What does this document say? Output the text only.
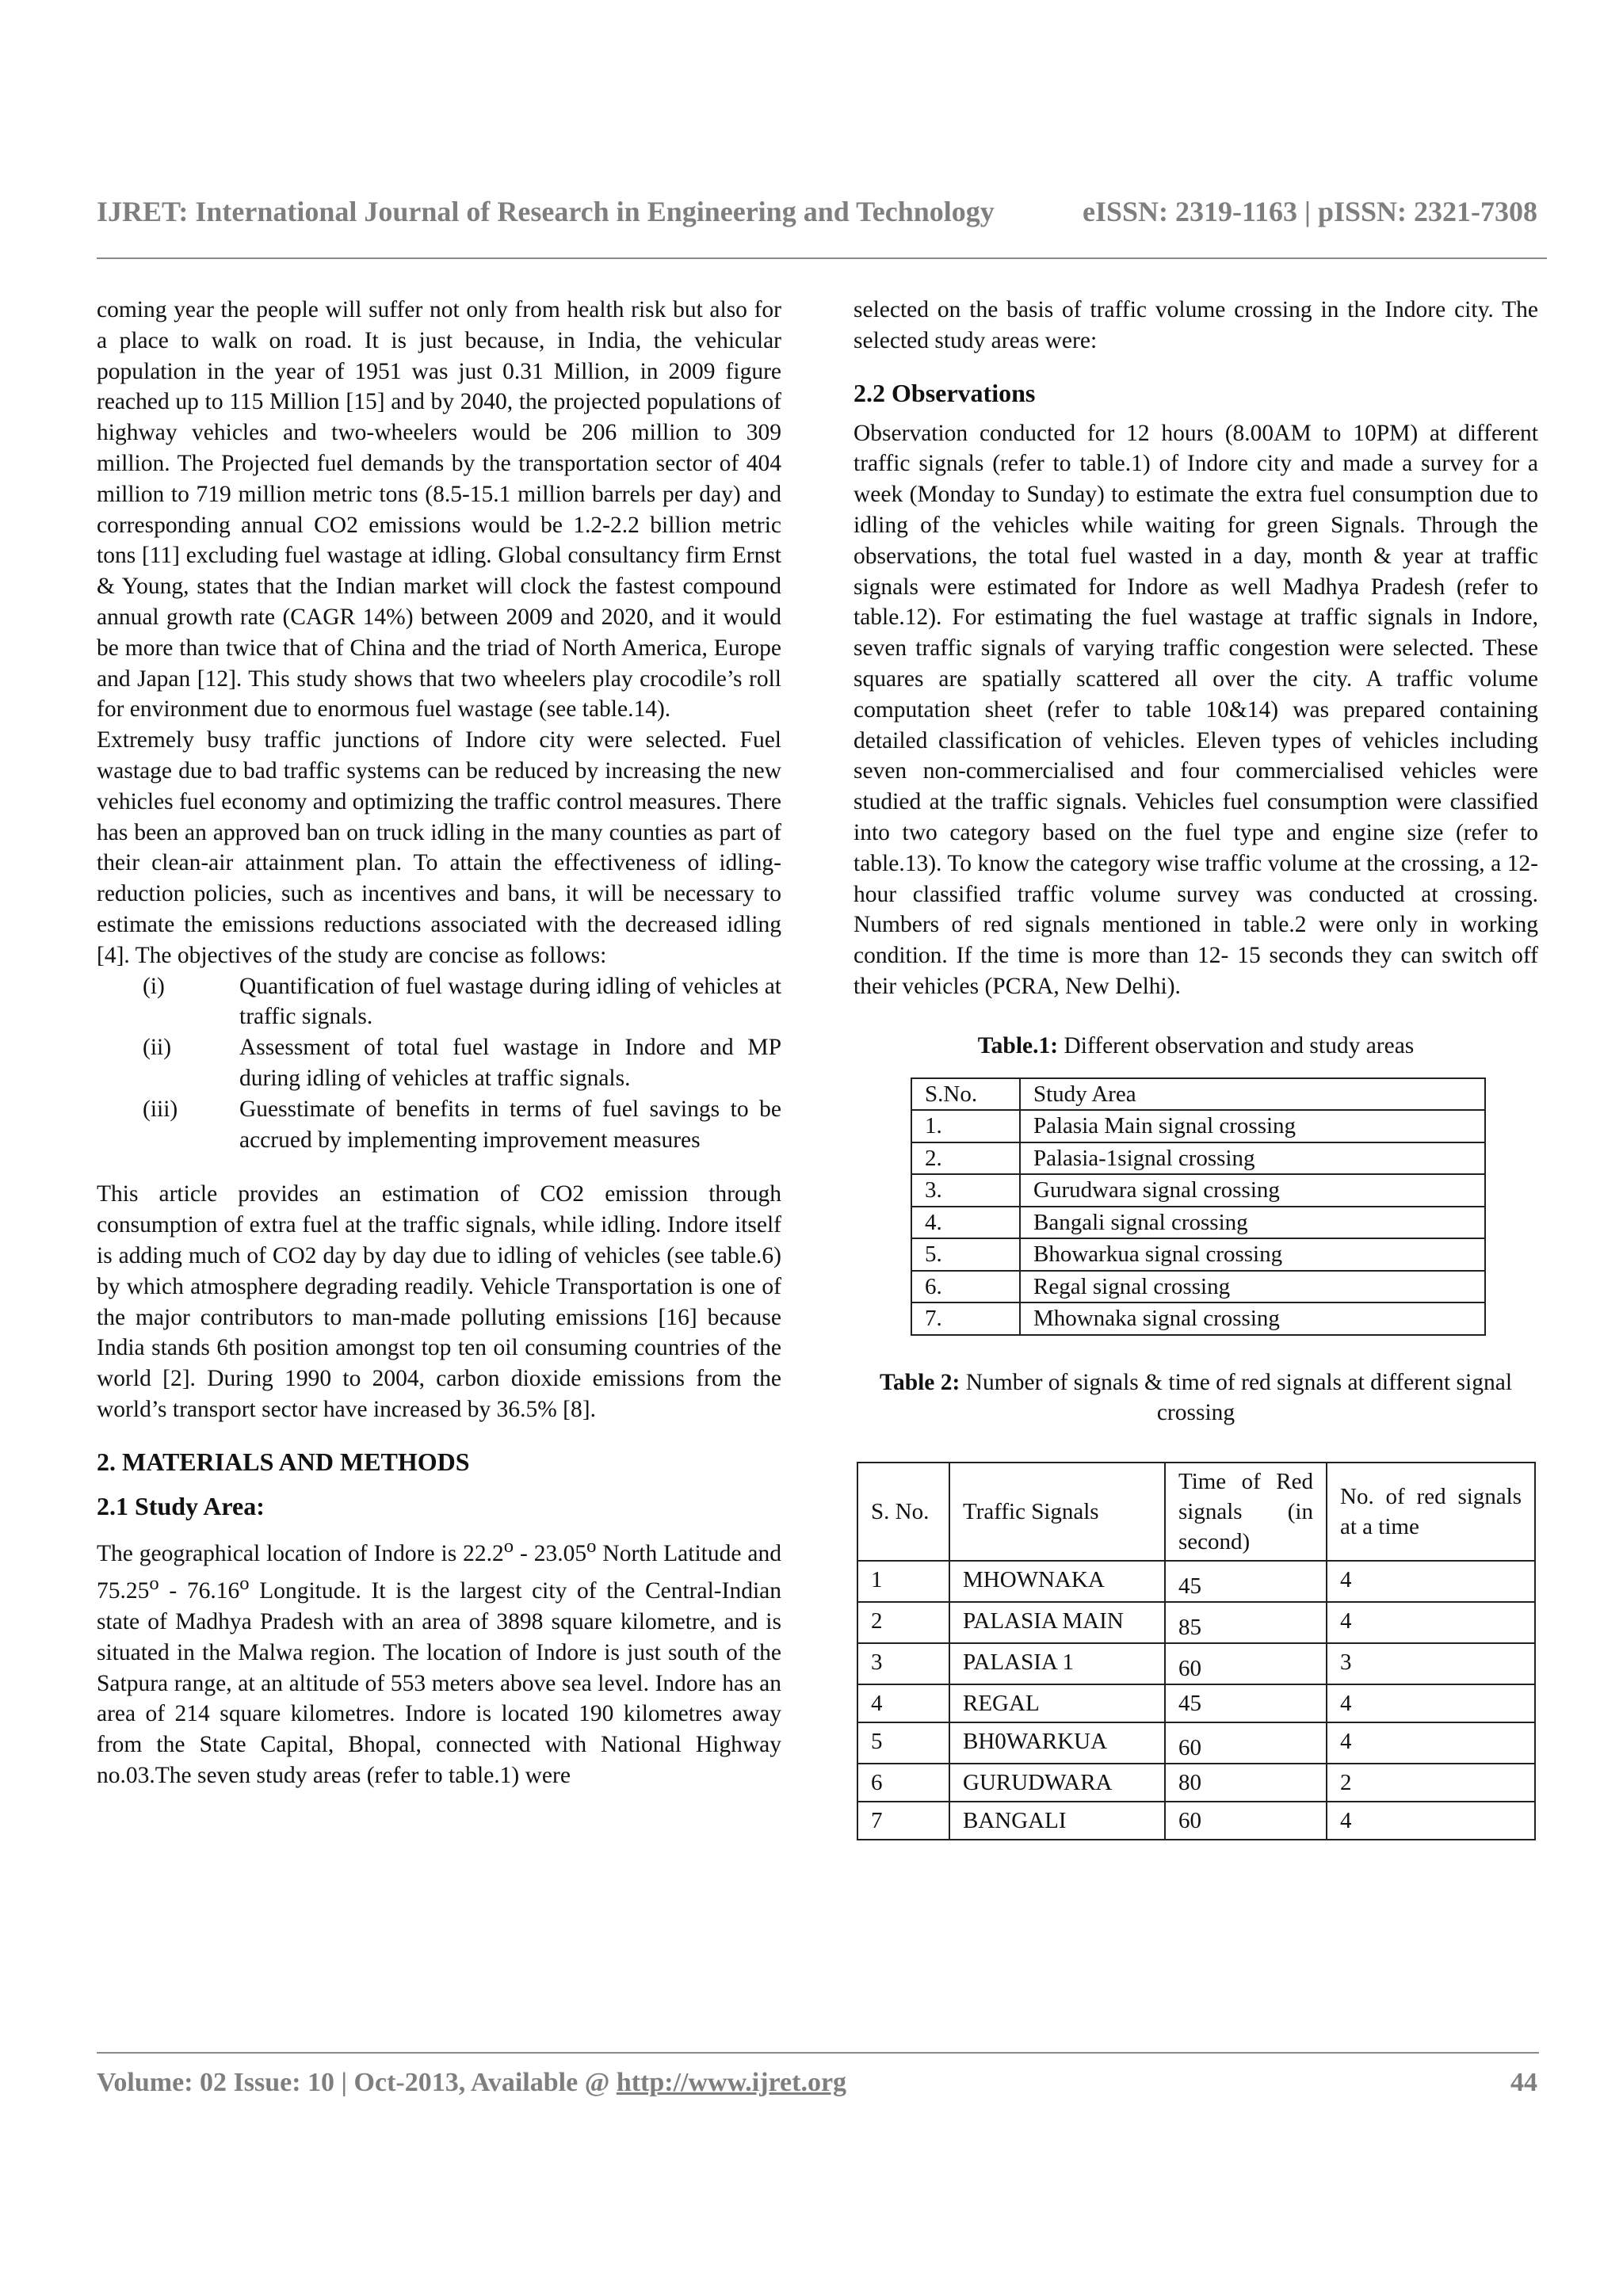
IJRET: International Journal of Research in Engineering and Technology	eISSN: 2319-1163 | pISSN: 2321-7308

coming year the people will suffer not only from health risk but also for a place to walk on road. It is just because, in India, the vehicular population in the year of 1951 was just 0.31 Million, in 2009 figure reached up to 115 Million [15] and by 2040, the projected populations of highway vehicles and two-wheelers would be 206 million to 309 million. The Projected fuel demands by the transportation sector of 404 million to 719 million metric tons (8.5-15.1 million barrels per day) and corresponding annual CO2 emissions would be 1.2-2.2 billion metric tons [11] excluding fuel wastage at idling. Global consultancy firm Ernst & Young, states that the Indian market will clock the fastest compound annual growth rate (CAGR 14%) between 2009 and 2020, and it would be more than twice that of China and the triad of North America, Europe and Japan [12]. This study shows that two wheelers play crocodile’s roll for environment due to enormous fuel wastage (see table.14).

Extremely busy traffic junctions of Indore city were selected. Fuel wastage due to bad traffic systems can be reduced by increasing the new vehicles fuel economy and optimizing the traffic control measures. There has been an approved ban on truck idling in the many counties as part of their clean-air attainment plan. To attain the effectiveness of idling-reduction policies, such as incentives and bans, it will be necessary to estimate the emissions reductions associated with the decreased idling [4]. The objectives of the study are concise as follows:

(i)	Quantification of fuel wastage during idling of vehicles at traffic signals.
(ii)	Assessment of total fuel wastage in Indore and MP during idling of vehicles at traffic signals.
(iii)	Guesstimate of benefits in terms of fuel savings to be accrued by implementing improvement measures

This article provides an estimation of CO2 emission through consumption of extra fuel at the traffic signals, while idling. Indore itself is adding much of CO2 day by day due to idling of vehicles (see table.6) by which atmosphere degrading readily. Vehicle Transportation is one of the major contributors to man-made polluting emissions [16] because India stands 6th position amongst top ten oil consuming countries of the world [2]. During 1990 to 2004, carbon dioxide emissions from the world’s transport sector have increased by 36.5% [8].

2. MATERIALS AND METHODS
2.1 Study Area:

The geographical location of Indore is 22.2$^o$ - 23.05$^o$ North Latitude and 75.25$^o$ - 76.16$^o$ Longitude. It is the largest city of the Central-Indian state of Madhya Pradesh with an area of 3898 square kilometre, and is situated in the Malwa region. The location of Indore is just south of the Satpura range, at an altitude of 553 meters above sea level. Indore has an area of 214 square kilometres. Indore is located 190 kilometres away from the State Capital, Bhopal, connected with National Highway no.03.The seven study areas (refer to table.1) were

selected on the basis of traffic volume crossing in the Indore city. The selected study areas were:

2.2 Observations

Observation conducted for 12 hours (8.00AM to 10PM) at different traffic signals (refer to table.1) of Indore city and made a survey for a week (Monday to Sunday) to estimate the extra fuel consumption due to idling of the vehicles while waiting for green Signals. Through the observations, the total fuel wasted in a day, month & year at traffic signals were estimated for Indore as well Madhya Pradesh (refer to table.12). For estimating the fuel wastage at traffic signals in Indore, seven traffic signals of varying traffic congestion were selected. These squares are spatially scattered all over the city. A traffic volume computation sheet (refer to table 10&14) was prepared containing detailed classification of vehicles. Eleven types of vehicles including seven non-commercialised and four commercialised vehicles were studied at the traffic signals. Vehicles fuel consumption were classified into two category based on the fuel type and engine size (refer to table.13). To know the category wise traffic volume at the crossing, a 12-hour classified traffic volume survey was conducted at crossing. Numbers of red signals mentioned in table.2 were only in working condition. If the time is more than 12- 15 seconds they can switch off their vehicles (PCRA, New Delhi).

Table.1: Different observation and study areas
S.No.	Study Area
1.	Palasia Main signal crossing
2.	Palasia-1signal crossing
3.	Gurudwara signal crossing
4.	Bangali signal crossing
5.	Bhowarkua signal crossing
6.	Regal signal crossing
7.	Mhownaka signal crossing
Table 2: Number of signals & time of red signals at different signal crossing
S. No.	Traffic Signals	Time of Red signals (in second)	No. of red signals at a time
1	MHOWNAKA	45	4
2	PALASIA MAIN	85	4
3	PALASIA 1	60	3
4	REGAL	45	4
5	BH0WARKUA	60	4
6	GURUDWARA	80	2
7	BANGALI	60	4
Volume: 02 Issue: 10 | Oct-2013, Available @ http://www.ijret.org	44
